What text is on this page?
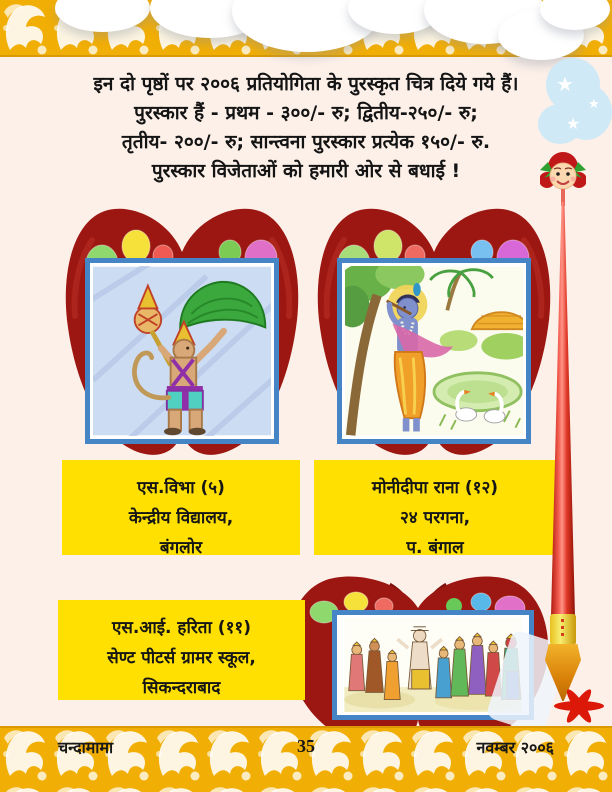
★
★
★
इन दो पृष्ठों पर २००६ प्रतियोगिता के पुरस्कृत चित्र दिये गये हैं।
पुरस्कार हैं - प्रथम - ३००/- रु; द्वितीय-२५०/- रु;
तृतीय- २००/- रु; सान्त्वना पुरस्कार प्रत्येक १५०/- रु.
पुरस्कार विजेताओं को हमारी ओर से बधाई !
एस.विभा (५)
केन्द्रीय विद्यालय,
बंगलोर
मोनीदीपा राना (१२)
२४ परगना,
प. बंगाल
एस.आई. हरिता (११)
सेण्ट पीटर्स ग्रामर स्कूल,
सिकन्दराबाद
चन्दामामा	35	नवम्बर २००६
